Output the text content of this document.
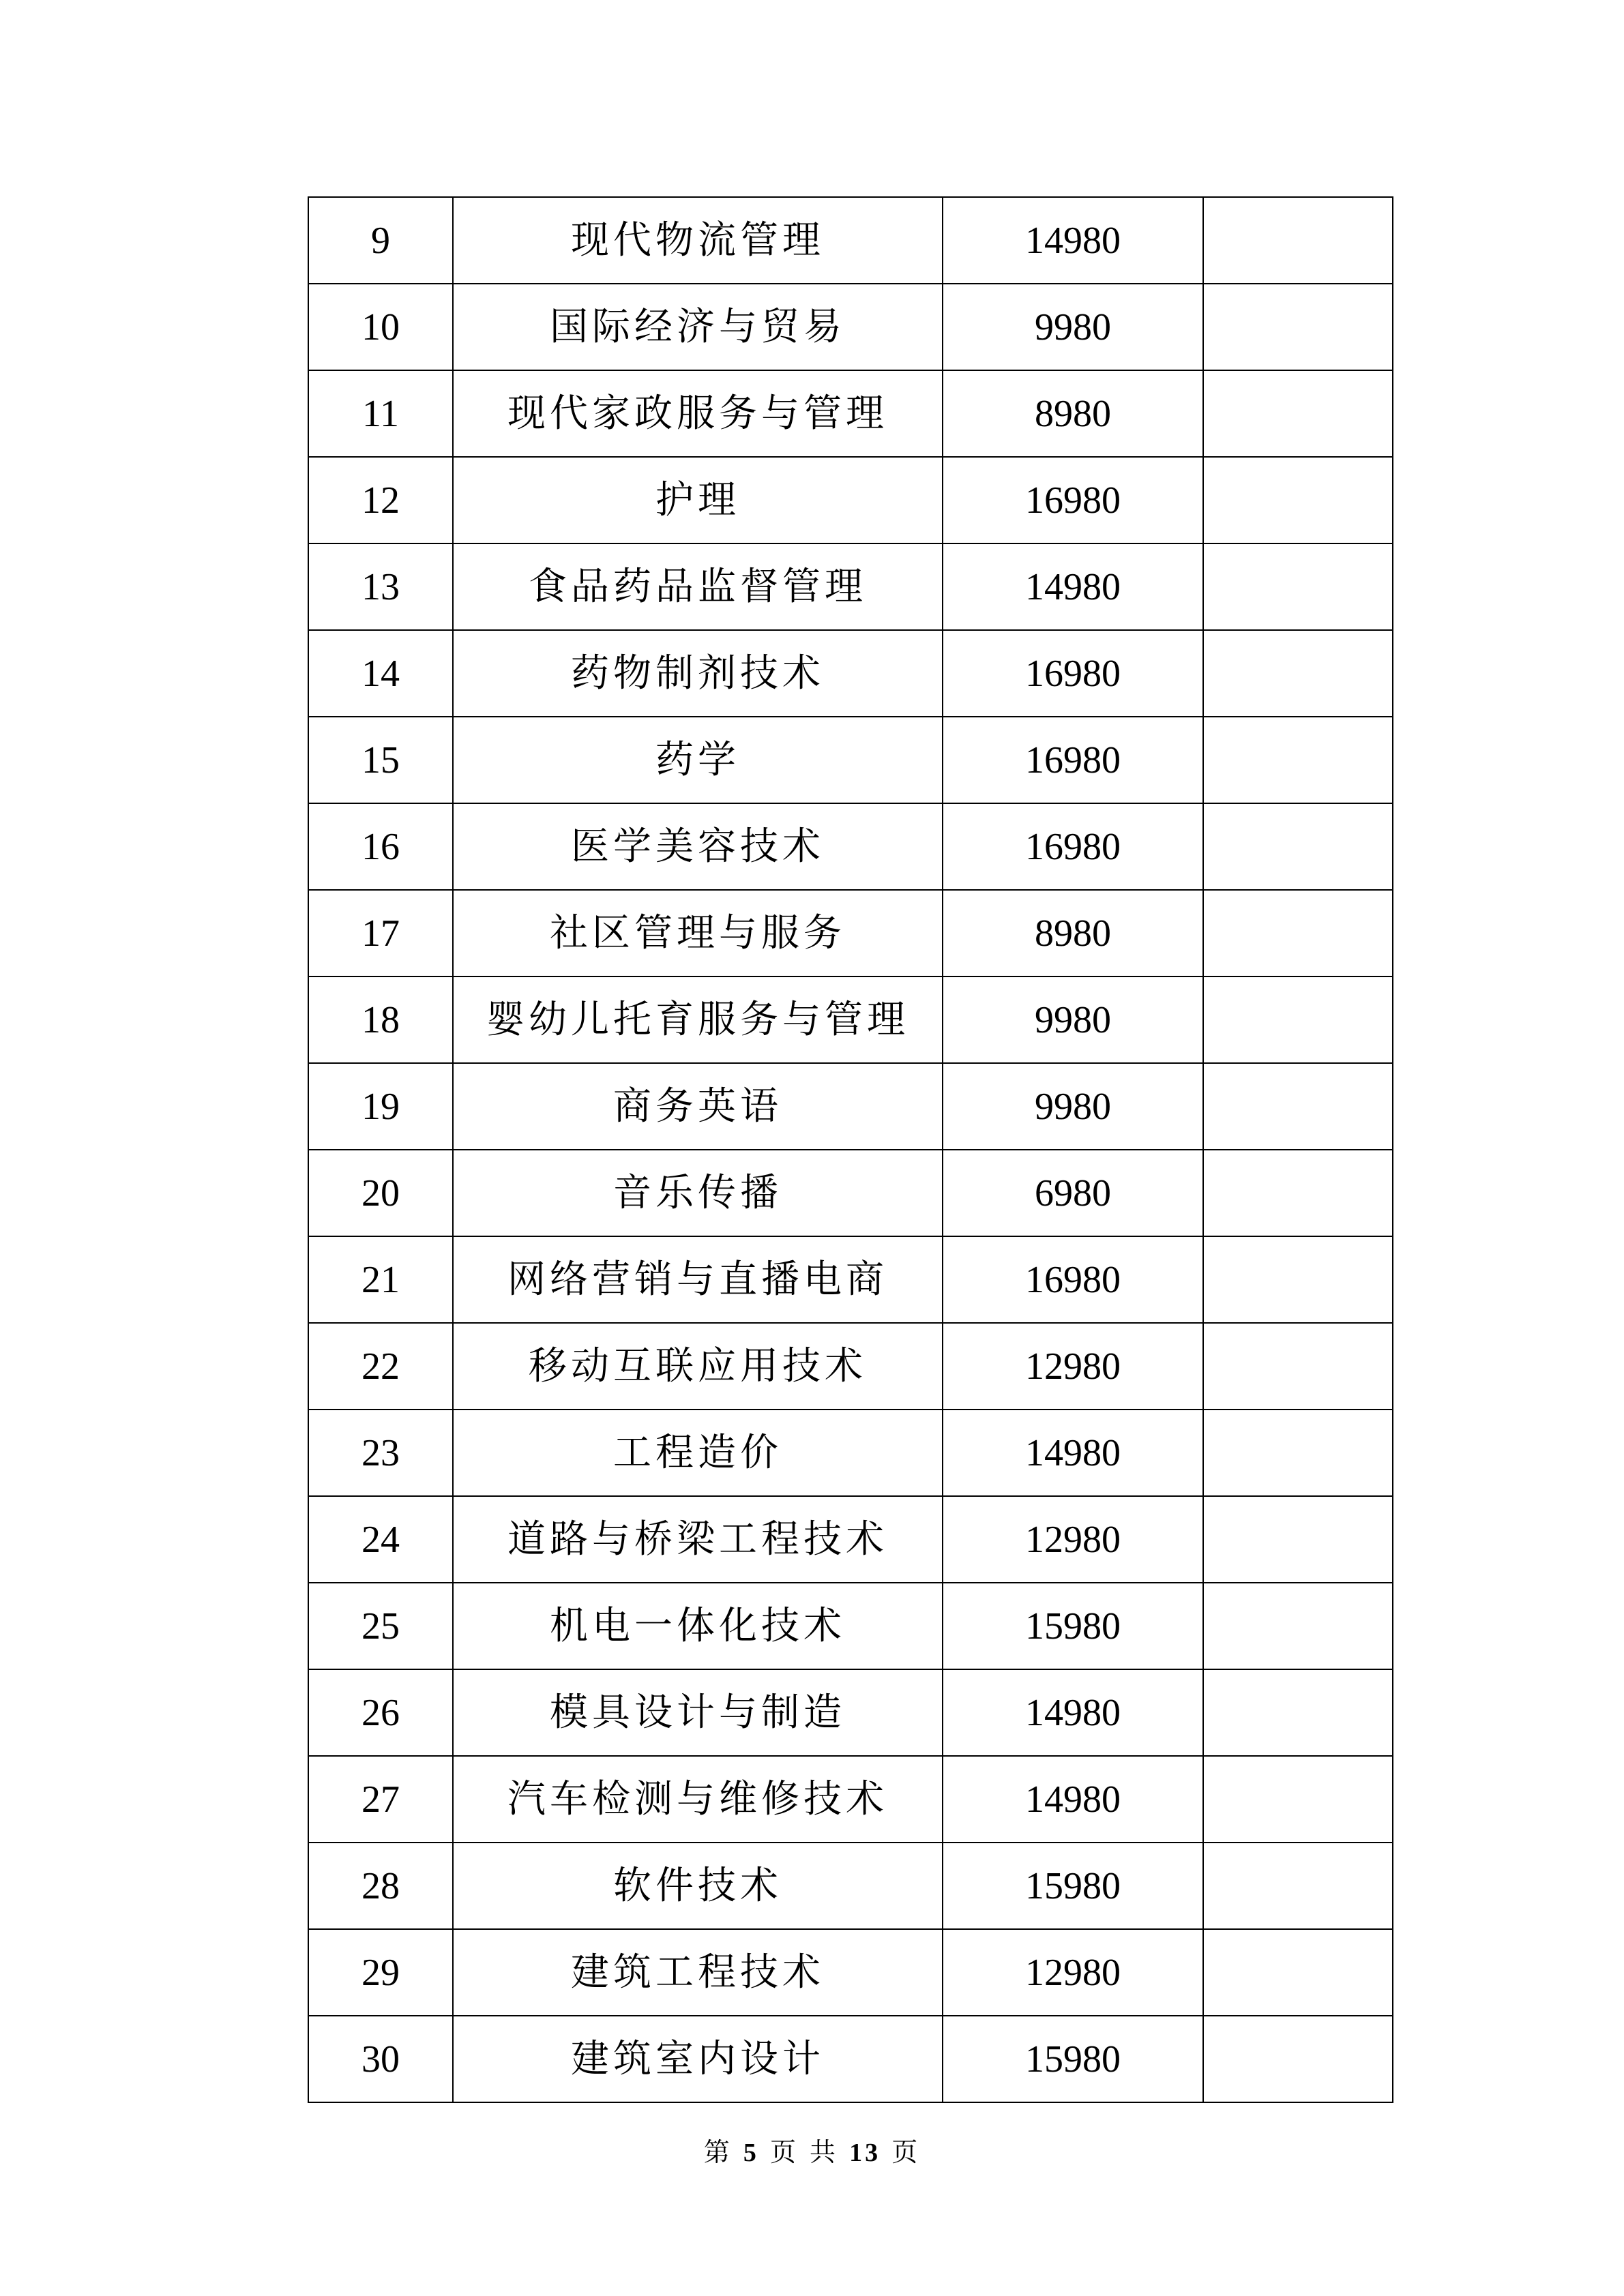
9	现代物流管理	14980	
10	国际经济与贸易	9980	
11	现代家政服务与管理	8980	
12	护理	16980	
13	食品药品监督管理	14980	
14	药物制剂技术	16980	
15	药学	16980	
16	医学美容技术	16980	
17	社区管理与服务	8980	
18	婴幼儿托育服务与管理	9980	
19	商务英语	9980	
20	音乐传播	6980	
21	网络营销与直播电商	16980	
22	移动互联应用技术	12980	
23	工程造价	14980	
24	道路与桥梁工程技术	12980	
25	机电一体化技术	15980	
26	模具设计与制造	14980	
27	汽车检测与维修技术	14980	
28	软件技术	15980	
29	建筑工程技术	12980	
30	建筑室内设计	15980	
第 5 页 共 13 页
